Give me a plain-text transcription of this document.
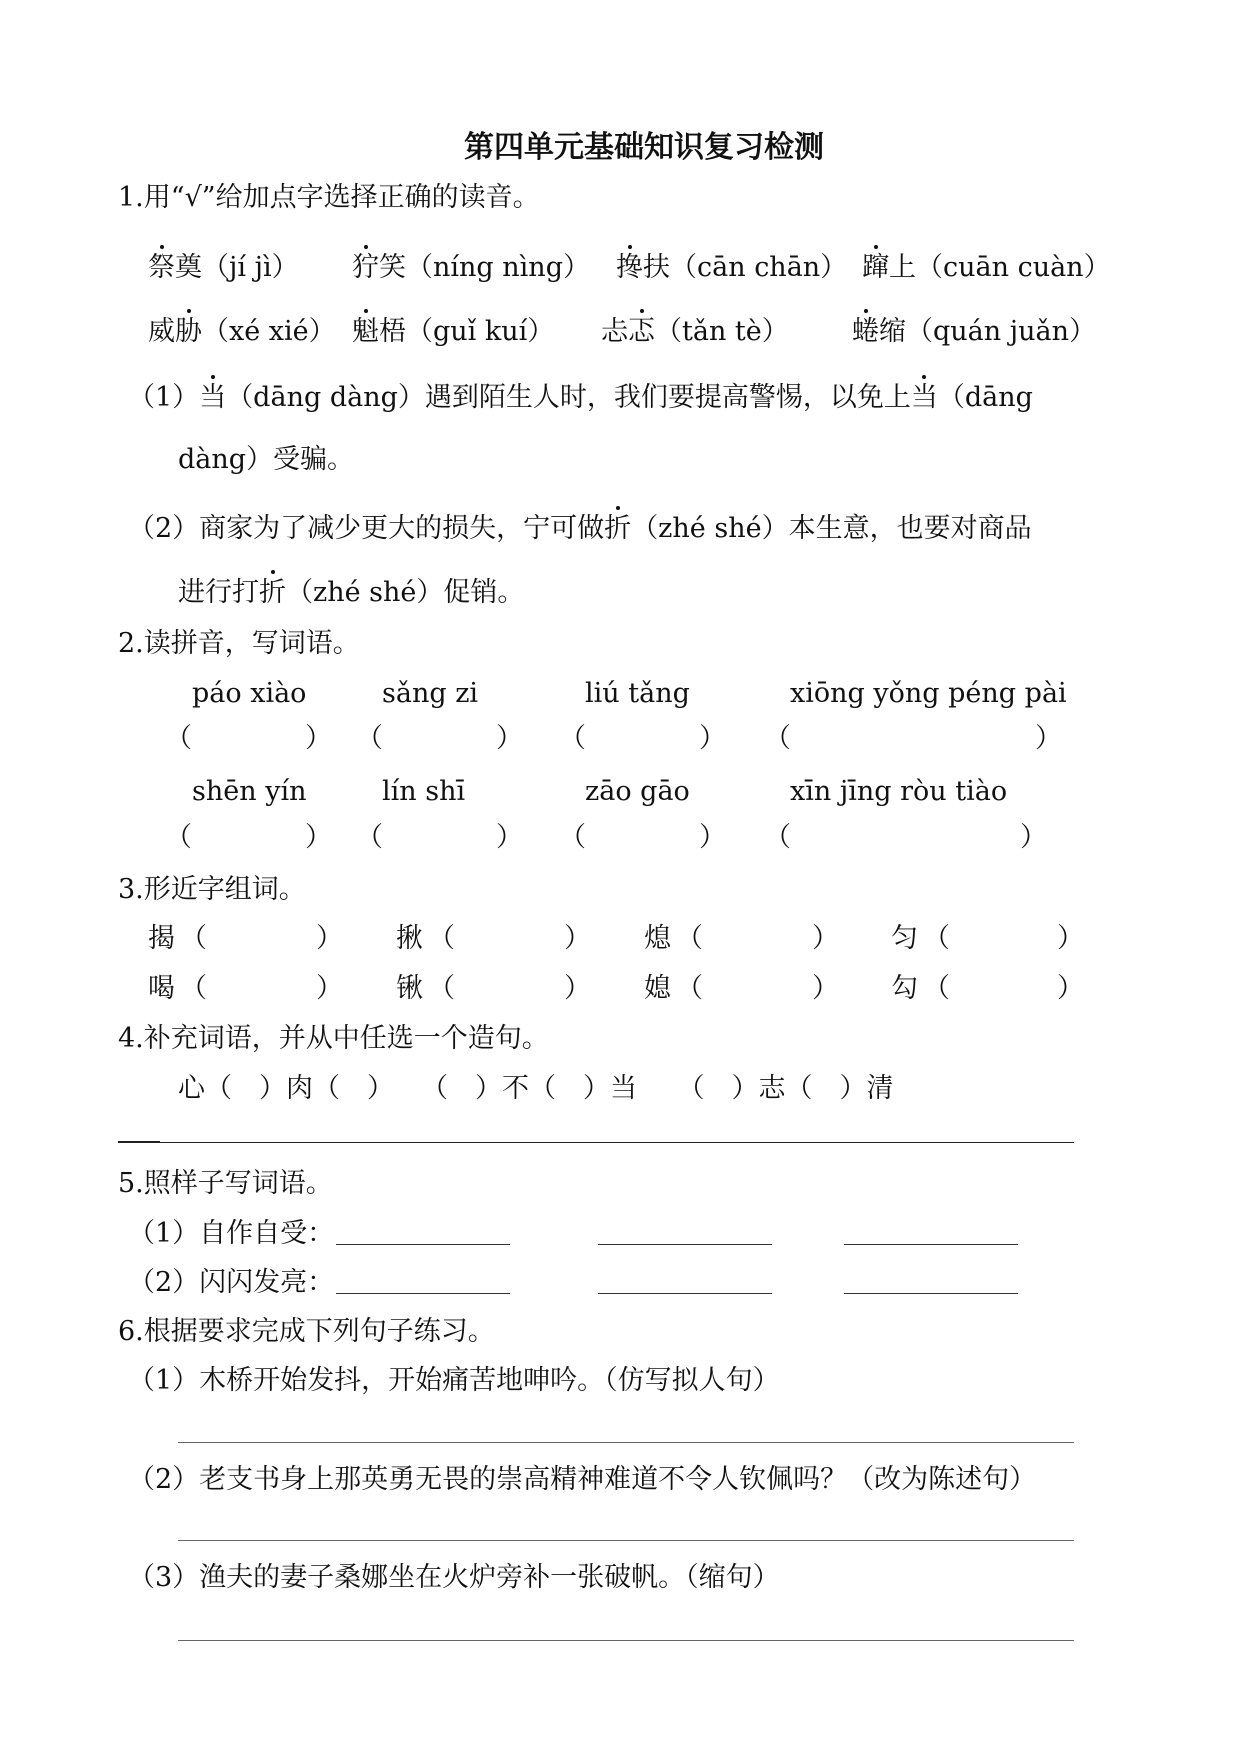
第四单元基础知识复习检测
1.用“√”给加点字选择正确的读音。
祭奠（jí jì） 狞笑（níng nìng） 搀扶（cān chān） 蹿上（cuān cuàn）
威胁（xé xié） 魁梧（guǐ kuí） 忐忑（tǎn tè） 蜷缩（quán juǎn）
（1）当（dāng dàng）遇到陌生人时，我们要提高警惕，以免上当（dāng
dàng）受骗。
（2）商家为了减少更大的损失，宁可做折（zhé shé）本生意，也要对商品
进行打折（zhé shé）促销。
2.读拼音，写词语。
páo xiào	sǎng zi	liú tǎng	xiōng yǒng péng pài
（	） （	） （	） （	）
shēn yín	lín shī	zāo gāo	xīn jīng ròu tiào
（	） （	） （	） （	）
3.形近字组词。
揭 （	） 揪 （	） 熄 （	） 匀 （	）
喝 （	） 锹 （	） 媳 （	） 勾 （	）
4.补充词语，并从中任选一个造句。
心（　）肉（　）　　（　）不（　）当　　（　）志（　）清
5.照样子写词语。
（1）自作自受：
（2）闪闪发亮：
6.根据要求完成下列句子练习。
（1）木桥开始发抖，开始痛苦地呻吟。（仿写拟人句）
（2）老支书身上那英勇无畏的崇高精神难道不令人钦佩吗？（改为陈述句）
（3）渔夫的妻子桑娜坐在火炉旁补一张破帆。（缩句）
